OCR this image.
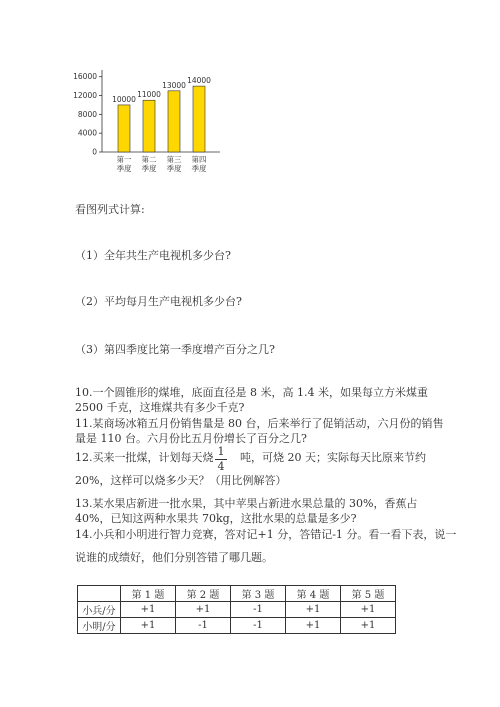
0
4000
8000
12000
16000
10000
第一
季度
11000
第二
季度
13000
第三
季度
14000
第四
季度
看图列式计算:
（1）全年共生产电视机多少台?
（2）平均每月生产电视机多少台?
（3）第四季度比第一季度增产百分之几?
10.一个圆锥形的煤堆，底面直径是 8 米，高 1.4 米，如果每立方米煤重 2500 千克，这堆煤共有多少千克?
11.某商场冰箱五月份销售量是 80 台，后来举行了促销活动，六月份的销售量是 110 台。六月份比五月份增长了百分之几?
12.买来一批煤，计划每天烧 1
4
吨，可烧 20 天；实际每天比原来节约
20%，这样可以烧多少天？（用比例解答）
13.某水果店新进一批水果，其中苹果占新进水果总量的 30%，香蕉占 40%，已知这两种水果共 70kg，这批水果的总量是多少?
14.小兵和小明进行智力竞赛，答对记+1 分，答错记-1 分。看一看下表，说一
说谁的成绩好，他们分别答错了哪几题。
	第 1 题	第 2 题	第 3 题	第 4 题	第 5 题
小兵/分	+1	+1	-1	+1	+1
小明/分	+1	-1	-1	+1	+1
